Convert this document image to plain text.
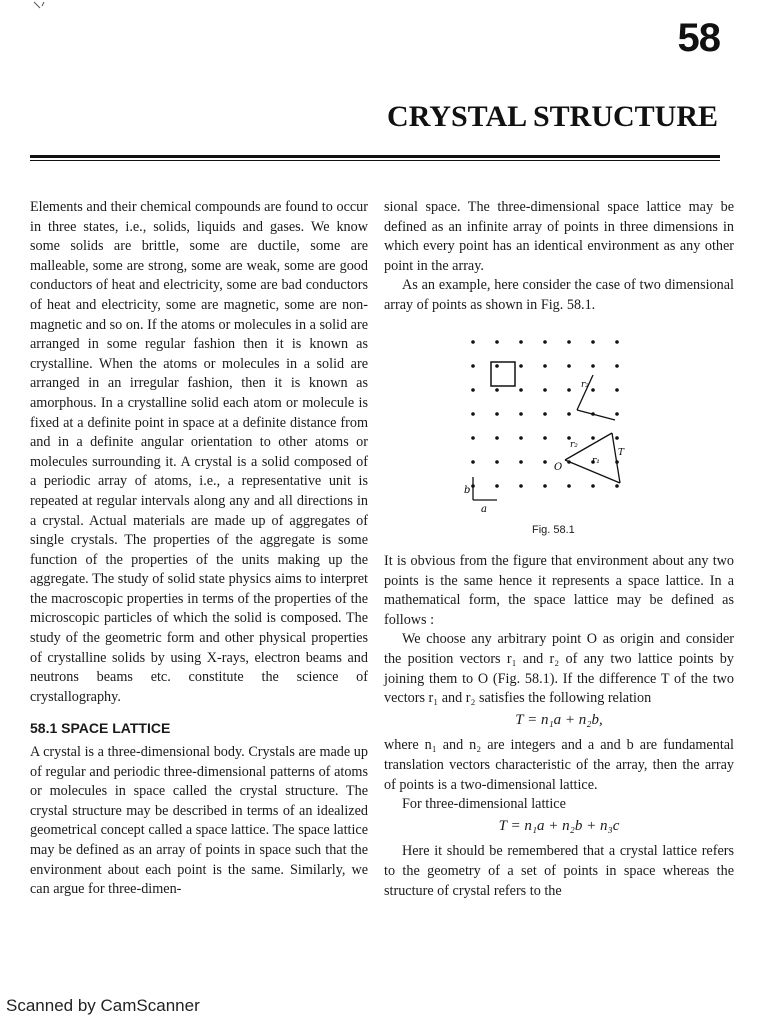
58
CRYSTAL STRUCTURE

Elements and their chemical compounds are found to occur in three states, i.e., solids, liquids and gases. We know some solids are brittle, some are ductile, some are malleable, some are strong, some are weak, some are good conductors of heat and electricity, some are bad conductors of heat and electricity, some are magnetic, some are non-magnetic and so on. If the atoms or molecules in a solid are arranged in some regular fashion then it is known as crystalline. When the atoms or molecules in a solid are arranged in an irregular fashion, then it is known as amorphous. In a crystalline solid each atom or molecule is fixed at a definite point in space at a definite distance from and in a definite angular orientation to other atoms or molecules surrounding it. A crystal is a solid composed of a periodic array of atoms, i.e., a representative unit is repeated at regular intervals along any and all directions in a crystal. Actual materials are made up of aggregates of single crystals. The properties of the aggregate is some function of the properties of the units making up the aggregate. The study of solid state physics aims to interpret the macroscopic properties in terms of the properties of the microscopic particles of which the solid is composed. The study of the geometric form and other physical properties of crystalline solids by using X-rays, electron beams and neutrons beams etc. constitute the science of crystallography.

58.1 SPACE LATTICE

A crystal is a three-dimensional body. Crystals are made up of regular and periodic three-dimensional patterns of atoms or molecules in space called the crystal structure. The crystal structure may be described in terms of an idealized geometrical concept called a space lattice. The space lattice may be defined as an array of points in space such that the environment about each point is the same. Similarly, we can argue for three-dimen-

sional space. The three-dimensional space lattice may be defined as an infinite array of points in three dimensions in which every point has an identical environment as any other point in the array.

As an example, here consider the case of two dimensional array of points as shown in Fig. 58.1.

r₂
r₂
r₁
T
O
a
b
Fig. 58.1

It is obvious from the figure that environment about any two points is the same hence it represents a space lattice. In a mathematical form, the space lattice may be defined as follows :

We choose any arbitrary point O as origin and consider the position vectors r₁ and r₂ of any two lattice points by joining them to O (Fig. 58.1). If the difference T of the two vectors r₁ and r₂ satisfies the following relation

T = n₁a + n₂b,

where n₁ and n₂ are integers and a and b are fundamental translation vectors characteristic of the array, then the array of points is a two-dimensional lattice.

For three-dimensional lattice

T = n₁a + n₂b + n₃c

Here it should be remembered that a crystal lattice refers to the geometry of a set of points in space whereas the structure of crystal refers to the

Scanned by CamScanner
